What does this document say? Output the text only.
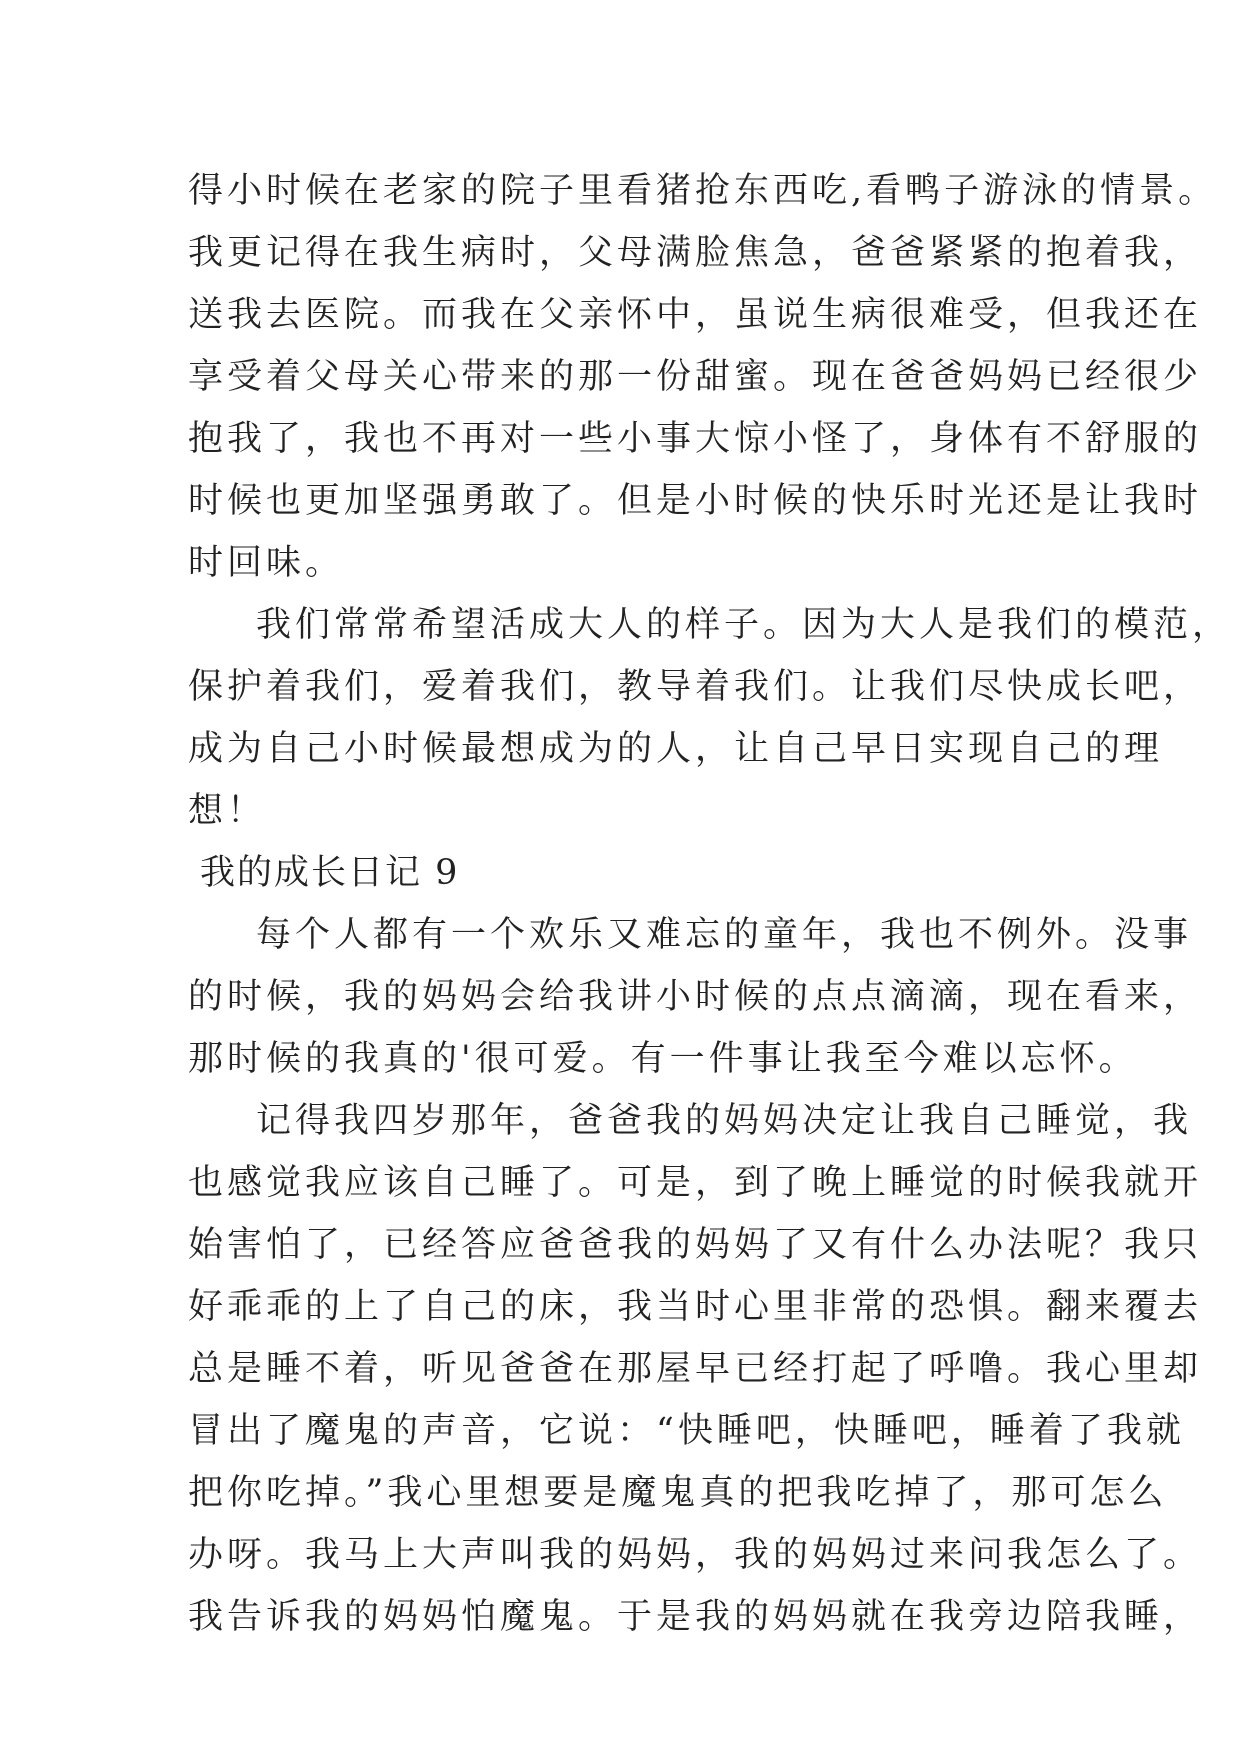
得小时候在老家的院子里看猪抢东西吃,看鸭子游泳的情景。
我更记得在我生病时，父母满脸焦急，爸爸紧紧的抱着我，
送我去医院。而我在父亲怀中，虽说生病很难受，但我还在
享受着父母关心带来的那一份甜蜜。现在爸爸妈妈已经很少
抱我了，我也不再对一些小事大惊小怪了，身体有不舒服的
时候也更加坚强勇敢了。但是小时候的快乐时光还是让我时
时回味。
我们常常希望活成大人的样子。因为大人是我们的模范，
保护着我们，爱着我们，教导着我们。让我们尽快成长吧，
成为自己小时候最想成为的人，让自己早日实现自己的理
想！
我的成长日记 9
每个人都有一个欢乐又难忘的童年，我也不例外。没事
的时候，我的妈妈会给我讲小时候的点点滴滴，现在看来，
那时候的我真的'很可爱。有一件事让我至今难以忘怀。
记得我四岁那年，爸爸我的妈妈决定让我自己睡觉，我
也感觉我应该自己睡了。可是，到了晚上睡觉的时候我就开
始害怕了，已经答应爸爸我的妈妈了又有什么办法呢？我只
好乖乖的上了自己的床，我当时心里非常的恐惧。翻来覆去
总是睡不着，听见爸爸在那屋早已经打起了呼噜。我心里却
冒出了魔鬼的声音，它说：“快睡吧，快睡吧，睡着了我就
把你吃掉。”我心里想要是魔鬼真的把我吃掉了，那可怎么
办呀。我马上大声叫我的妈妈，我的妈妈过来问我怎么了。
我告诉我的妈妈怕魔鬼。于是我的妈妈就在我旁边陪我睡，
